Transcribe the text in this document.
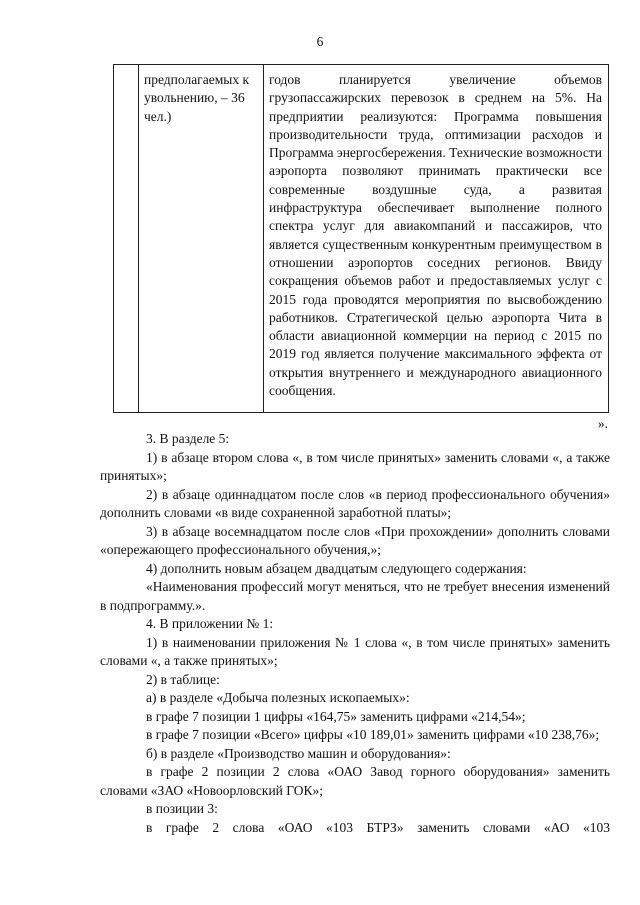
6
предполагаемых к увольнению, – 36 чел.)
годов планируется увеличение объемов грузопассажирских перевозок в среднем на 5%. На предприятии реализуются: Программа повышения производительности труда, оптимизации расходов и Программа энергосбережения. Технические возможности аэропорта позволяют принимать практически все современные воздушные суда, а развитая инфраструктура обеспечивает выполнение полного спектра услуг для авиакомпаний и пассажиров, что является существенным конкурентным преимуществом в отношении аэропортов соседних регионов. Ввиду сокращения объемов работ и предоставляемых услуг с 2015 года проводятся мероприятия по высвобождению работников. Стратегической целью аэропорта Чита в области авиационной коммерции на период с 2015 по 2019 год является получение максимального эффекта от открытия внутреннего и международного авиационного сообщения.
».

3. В разделе 5:

1) в абзаце втором слова «, в том числе принятых» заменить словами «, а также принятых»;

2) в абзаце одиннадцатом после слов «в период профессионального обучения» дополнить словами «в виде сохраненной заработной платы»;

3) в абзаце восемнадцатом после слов «При прохождении» дополнить словами «опережающего профессионального обучения,»;

4) дополнить новым абзацем двадцатым следующего содержания:

«Наименования профессий могут меняться, что не требует внесения изменений в подпрограмму.».

4. В приложении № 1:

1) в наименовании приложения № 1 слова «, в том числе принятых» заменить словами «, а также принятых»;

2) в таблице:

а) в разделе «Добыча полезных ископаемых»:

в графе 7 позиции 1 цифры «164,75» заменить цифрами «214,54»;

в графе 7 позиции «Всего» цифры «10 189,01» заменить цифрами «10 238,76»;

б) в разделе «Производство машин и оборудования»:

в графе 2 позиции 2 слова «ОАО Завод горного оборудования» заменить словами «ЗАО «Новоорловский ГОК»;

в позиции 3:

в графе 2 слова «ОАО «103 БТРЗ» заменить словами «АО «103
